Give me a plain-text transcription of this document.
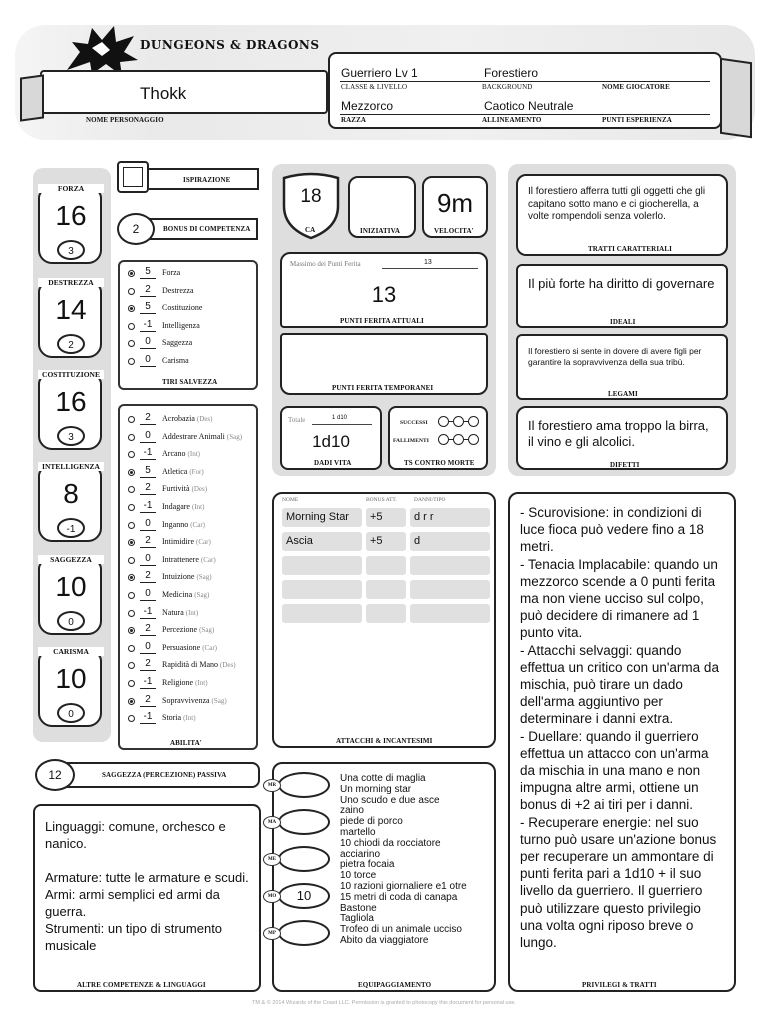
DUNGEONS & DRAGONS
Thokk
NOME PERSONAGGIO
Guerriero Lv 1	Forestiero
CLASSE & LIVELLO	BACKGROUND	NOME GIOCATORE
Mezzorco	Caotico Neutrale
RAZZA	ALLINEAMENTO	PUNTI ESPERIENZA
FORZA
16
3
DESTREZZA
14
2
COSTITUZIONE
16
3
INTELLIGENZA
8
-1
SAGGEZZA
10
0
CARISMA
10
0
ISPIRAZIONE
2	BONUS DI COMPETENZA
5	Forza
2	Destrezza
5	Costituzione
-1	Intelligenza
0	Saggezza
0	Carisma
TIRI SALVEZZA
2	Acrobazia (Des)
0	Addestrare Animali (Sag)
-1	Arcano (Int)
5	Atletica (For)
2	Furtività (Des)
-1	Indagare (Int)
0	Inganno (Car)
2	Intimidire (Car)
0	Intrattenere (Car)
2	Intuizione (Sag)
0	Medicina (Sag)
-1	Natura (Int)
2	Percezione (Sag)
0	Persuasione (Car)
2	Rapidità di Mano (Des)
-1	Religione (Int)
2	Sopravvivenza (Sag)
-1	Storia (Int)
ABILITA'
12	SAGGEZZA (PERCEZIONE) PASSIVA
Linguaggi: comune, orchesco e nanico.
Armature: tutte le armature e scudi.
Armi: armi semplici ed armi da guerra.
Strumenti: un tipo di strumento musicale
ALTRE COMPETENZE & LINGUAGGI
18
CA	INIZIATIVA
9m
VELOCITA'
Massimo dei Punti Ferita	13
13
PUNTI FERITA ATTUALI
PUNTI FERITA TEMPORANEI
Totale	1 d10
1d10
DADI VITA
SUCCESSI
FALLIMENTI
TS CONTRO MORTE
NOME	BONUS ATT.	DANNI/TIPO
Morning Star	+5	d r r
Ascia	+5	d
ATTACCHI & INCANTESIMI
Una cotte di maglia
Un morning star
Uno scudo e due asce
zaino
piede di porco
martello
10 chiodi da rocciatore
acciarino
pietra focaia
10 torce
10 razioni giornaliere e1 otre
15 metri di coda di canapa
Bastone
Tagliola
Trofeo di un animale ucciso
Abito da viaggiatore
EQUIPAGGIAMENTO
MR
MA
ME
10
MO
MP
Il forestiero afferra tutti gli oggetti che gli capitano sotto mano e ci giocherella, a volte rompendoli senza volerlo.
TRATTI CARATTERIALI
Il più forte ha diritto di governare
IDEALI
Il forestiero si sente in dovere di avere figli per garantire la sopravvivenza della sua tribù.
LEGAMI
Il forestiero ama troppo la birra, il vino e gli alcolici.
DIFETTI
- Scurovisione: in condizioni di luce fioca può vedere fino a 18 metri.
- Tenacia Implacabile: quando un mezzorco scende a 0 punti ferita ma non viene ucciso sul colpo, può decidere di rimanere ad 1 punto vita.
- Attacchi selvaggi: quando effettua un critico con un'arma da mischia, può tirare un dado dell'arma aggiuntivo per determinare i danni extra.
- Duellare: quando il guerriero effettua un attacco con un'arma da mischia in una mano e non impugna altre armi, ottiene un bonus di +2 ai tiri per i danni.
- Recuperare energie: nel suo turno può usare un'azione bonus per recuperare un ammontare di punti ferita pari a 1d10 + il suo livello da guerriero. Il guerriero può utilizzare questo privilegio una volta ogni riposo breve o lungo.
PRIVILEGI & TRATTI
TM & © 2014 Wizards of the Coast LLC. Permission is granted to photocopy this document for personal use.
